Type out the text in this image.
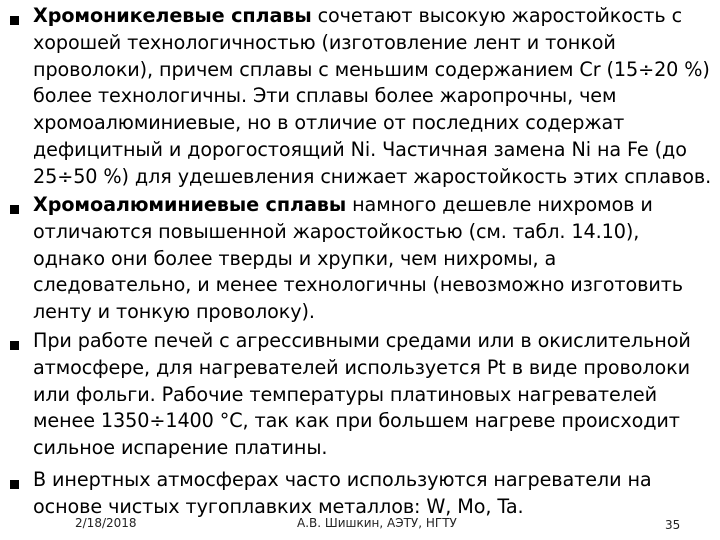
Хромоникелевые сплавы сочетают высокую жаростойкость с хорошей технологичностью (изготовление лент и тонкой проволоки), причем сплавы с меньшим содержанием Cr (15÷20 %) более технологичны. Эти сплавы более жаропрочны, чем хромоалюминиевые, но в отличие от последних содержат дефицитный и дорогостоящий Ni. Частичная замена Ni на Fe (до 25÷50 %) для удешевления снижает жаростойкость этих сплавов.
Хромоалюминиевые сплавы намного дешевле нихромов и отличаются повышенной жаростойкостью (см. табл. 14.10), однако они более тверды и хрупки, чем нихромы, а следовательно, и менее технологичны (невозможно изготовить ленту и тонкую проволоку).
При работе печей с агрессивными средами или в окислительной атмосфере, для нагревателей используется Pt в виде проволоки или фольги. Рабочие температуры платиновых нагревателей менее 1350÷1400 °С, так как при большем нагреве происходит сильное испарение платины.
В инертных атмосферах часто используются нагреватели на основе чистых тугоплавких металлов: W, Mo, Ta.
2/18/2018	А.В. Шишкин, АЭТУ, НГТУ	35
